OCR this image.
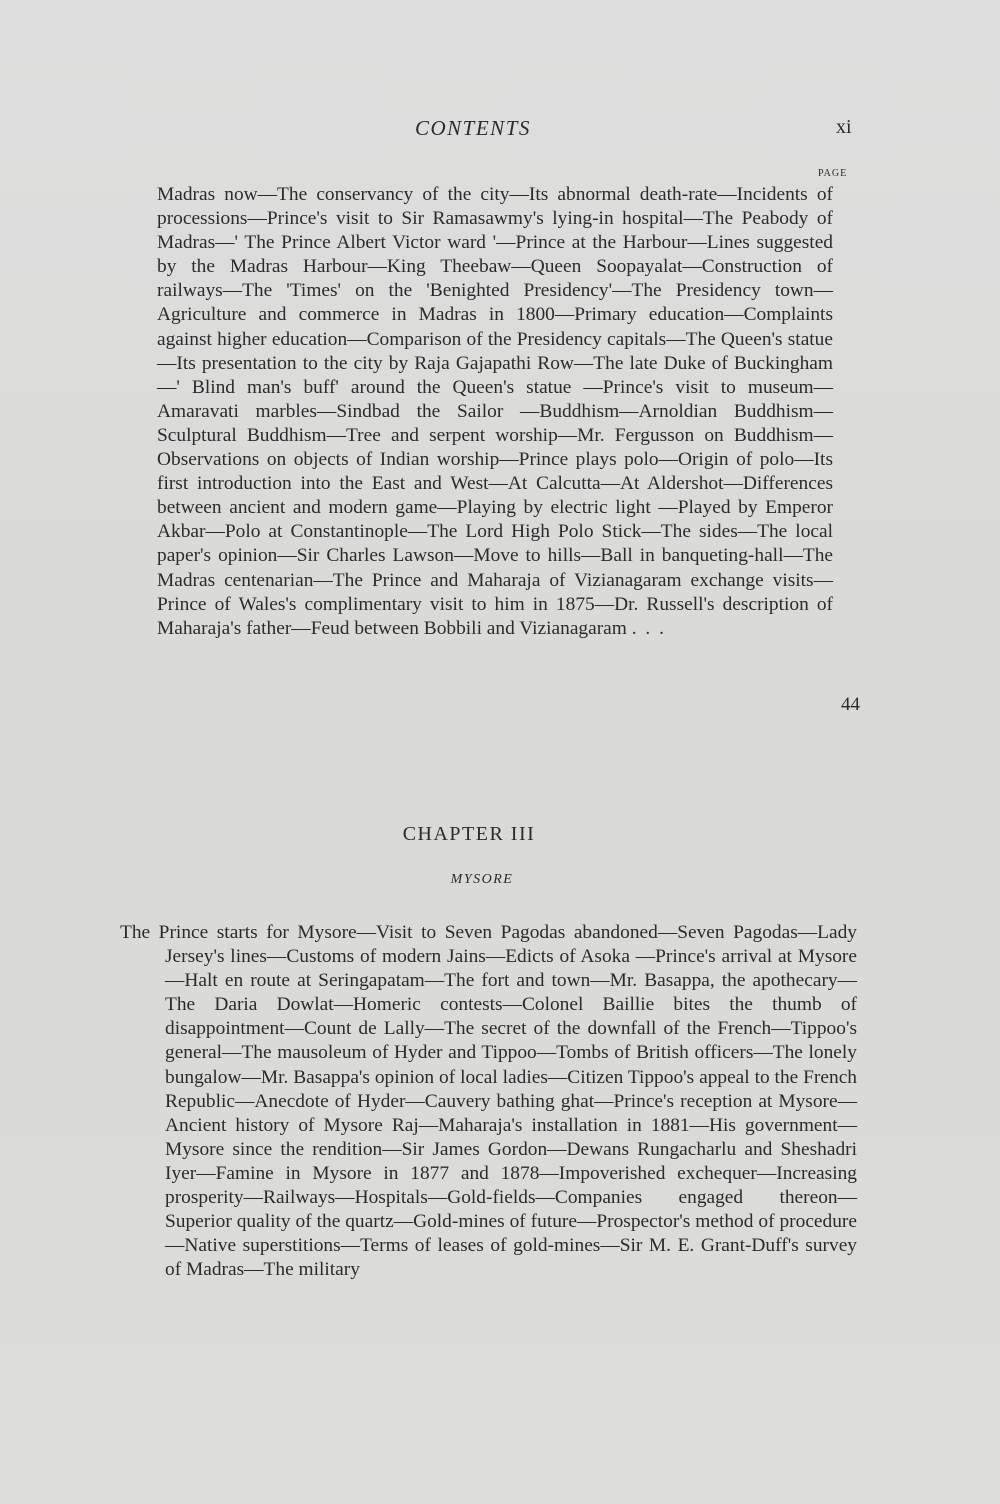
CONTENTS	xi
PAGE
Madras now—The conservancy of the city—Its abnormal death-rate—Incidents of processions—Prince's visit to Sir Ramasawmy's lying-in hospital—The Peabody of Madras—' The Prince Albert Victor ward '—Prince at the Harbour—Lines suggested by the Madras Harbour—King Theebaw—Queen Soopayalat—Construction of railways—The 'Times' on the 'Benighted Presidency'—The Presidency town—Agriculture and commerce in Madras in 1800—Primary education—Complaints against higher education—Comparison of the Presidency capitals—The Queen's statue—Its presentation to the city by Raja Gajapathi Row—The late Duke of Buckingham—' Blind man's buff' around the Queen's statue —Prince's visit to museum—Amaravati marbles—Sindbad the Sailor —Buddhism—Arnoldian Buddhism—Sculptural Buddhism—Tree and serpent worship—Mr. Fergusson on Buddhism—Observations on objects of Indian worship—Prince plays polo—Origin of polo—Its first introduction into the East and West—At Calcutta—At Aldershot—Differences between ancient and modern game—Playing by electric light —Played by Emperor Akbar—Polo at Constantinople—The Lord High Polo Stick—The sides—The local paper's opinion—Sir Charles Lawson—Move to hills—Ball in banqueting-hall—The Madras centenarian—The Prince and Maharaja of Vizianagaram exchange visits—Prince of Wales's complimentary visit to him in 1875—Dr. Russell's description of Maharaja's father—Feud between Bobbili and Vizianagaram . . .
44
CHAPTER III
MYSORE
The Prince starts for Mysore—Visit to Seven Pagodas abandoned—Seven Pagodas—Lady Jersey's lines—Customs of modern Jains—Edicts of Asoka —Prince's arrival at Mysore—Halt en route at Seringapatam—The fort and town—Mr. Basappa, the apothecary—The Daria Dowlat—Homeric contests—Colonel Baillie bites the thumb of disappointment—Count de Lally—The secret of the downfall of the French—Tippoo's general—The mausoleum of Hyder and Tippoo—Tombs of British officers—The lonely bungalow—Mr. Basappa's opinion of local ladies—Citizen Tippoo's appeal to the French Republic—Anecdote of Hyder—Cauvery bathing ghat—Prince's reception at Mysore—Ancient history of Mysore Raj—Maharaja's installation in 1881—His government—Mysore since the rendition—Sir James Gordon—Dewans Rungacharlu and Sheshadri Iyer—Famine in Mysore in 1877 and 1878—Impoverished exchequer—Increasing prosperity—Railways—Hospitals—Gold-fields—Companies engaged thereon—Superior quality of the quartz—Gold-mines of future—Prospector's method of procedure—Native superstitions—Terms of leases of gold-mines—Sir M. E. Grant-Duff's survey of Madras—The military
